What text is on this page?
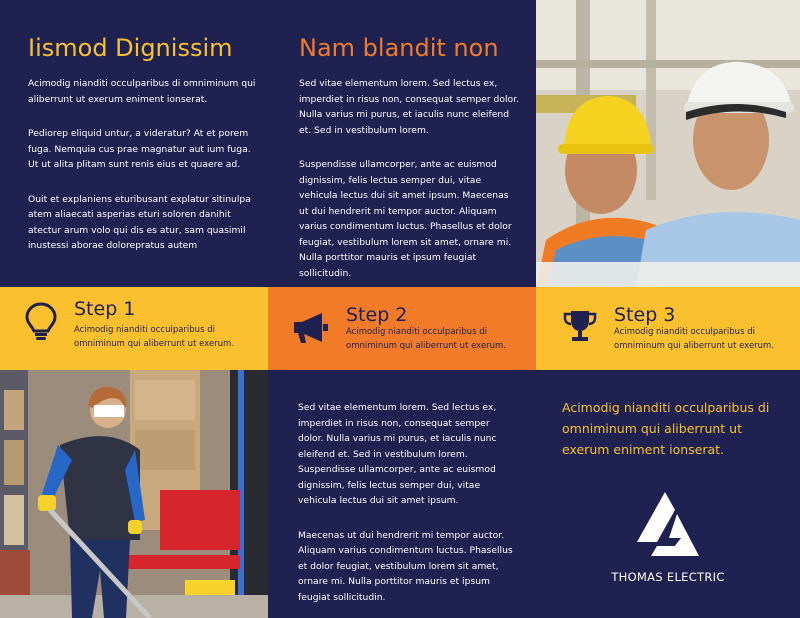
Iismod Dignissim

Acimodig nianditi occulparibus di omniminum qui aliberrunt ut exerum eniment ionserat.

Pediorep eliquid untur, a videratur? At et porem fuga. Nemquia cus prae magnatur aut ium fuga. Ut ut alita plitam sunt renis eius et quaere ad.

Ouit et explaniens eturibusant explatur sitinulpa atem aliaecati asperias eturi soloren danihit atectur arum volo qui dis es atur, sam quasimil inustessi aborae dolorepratus autem

Nam blandit non

Sed vitae elementum lorem. Sed lectus ex, imperdiet in risus non, consequat semper dolor. Nulla varius mi purus, et iaculis nunc eleifend et. Sed in vestibulum lorem.

Suspendisse ullamcorper, ante ac euismod dignissim, felis lectus semper dui, vitae vehicula lectus dui sit amet ipsum. Maecenas ut dui hendrerit mi tempor auctor. Aliquam varius condimentum luctus. Phasellus et dolor feugiat, vestibulum lorem sit amet, ornare mi. Nulla porttitor mauris et ipsum feugiat sollicitudin.

Step 1
Acimodig nianditi occulparibus di omniminum qui aliberrunt ut exerum.
Step 2
Acimodig nianditi occulparibus di omniminum qui aliberrunt ut exerum.
Step 3
Acimodig nianditi occulparibus di omniminum qui aliberrunt ut exerum.

Sed vitae elementum lorem. Sed lectus ex, imperdiet in risus non, consequat semper dolor. Nulla varius mi purus, et iaculis nunc eleifend et. Sed in vestibulum lorem. Suspendisse ullamcorper, ante ac euismod dignissim, felis lectus semper dui, vitae vehicula lectus dui sit amet ipsum.

Maecenas ut dui hendrerit mi tempor auctor. Aliquam varius condimentum luctus. Phasellus et dolor feugiat, vestibulum lorem sit amet, ornare mi. Nulla porttitor mauris et ipsum feugiat sollicitudin.

Acimodig nianditi occulparibus di omniminum qui aliberrunt ut exerum eniment ionserat.
THOMAS ELECTRIC
